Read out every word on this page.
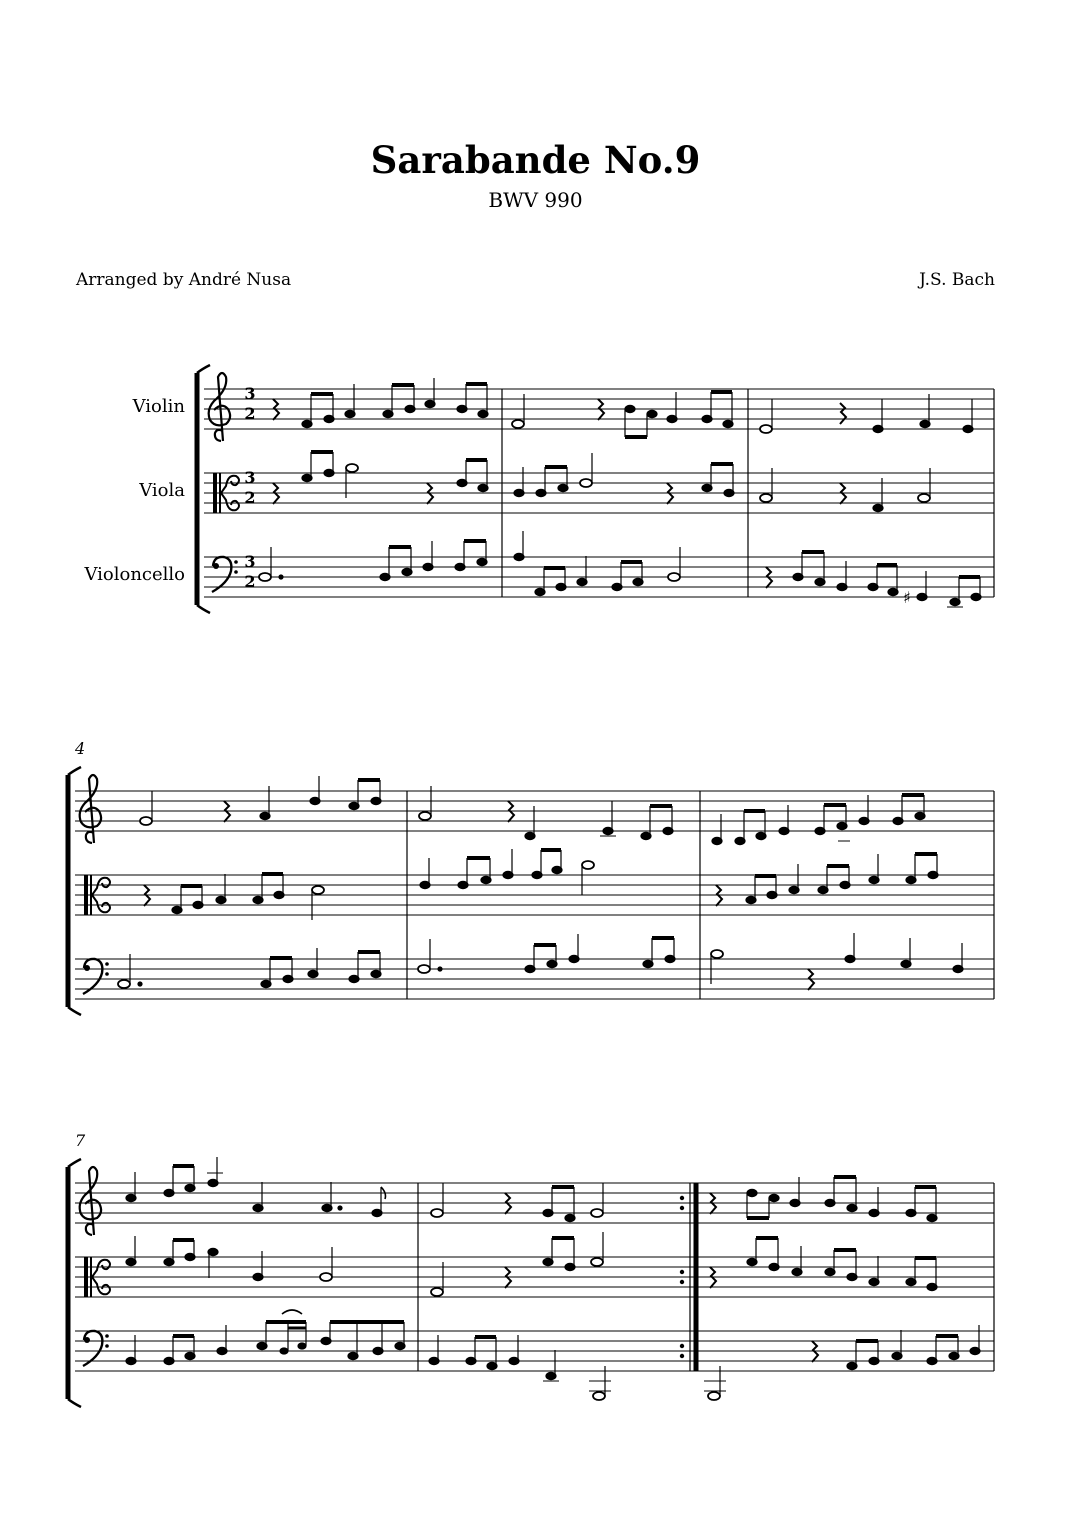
Sarabande No.9
BWV 990
Arranged by André Nusa	J.S. Bach
Violin
Viola
Violoncello
3
2
3
2
3
2
♯
4
7
